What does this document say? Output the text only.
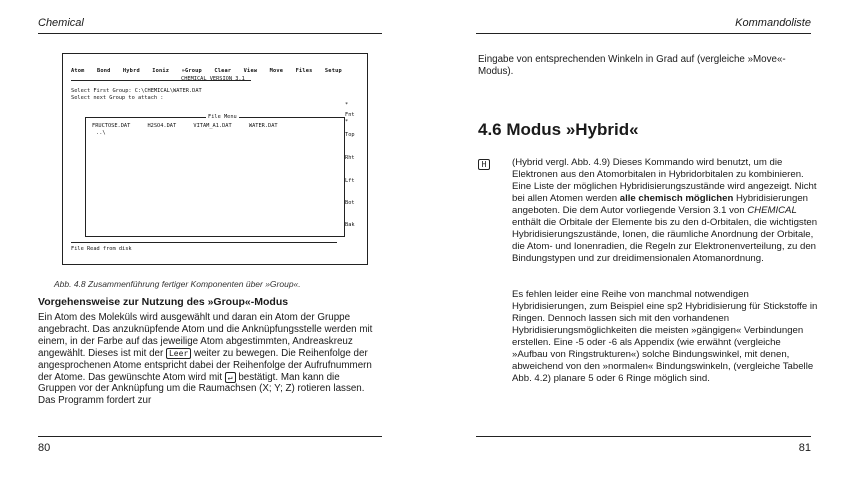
Chemical
Atom Bond Hybrd Ioniz »Group Clear View Move Files Setup
CHEMICAL VERSION 3.1
Select First Group: C:\CHEMICAL\WATER.DAT
Select next Group to attach :
File Menu
FRUCTOSE.DAT	H2SO4.DAT	VITAM_A1.DAT	WATER.DAT
..\
*
Fnt
*
Top
Rht
Lft
Bot
Bak
File Read from disk
Abb. 4.8 Zusammenführung fertiger Komponenten über »Group«.
Vorgehensweise zur Nutzung des »Group«-Modus
Ein Atom des Moleküls wird ausgewählt und daran ein Atom der Gruppe angebracht. Das anzuknüpfende Atom und die Anknüpfungsstelle werden mit einem, in der Farbe auf das jeweilige Atom abgestimmten, Andreaskreuz angewählt. Dieses ist mit der Leer weiter zu bewegen. Die Reihenfolge der angesprochenen Atome entspricht dabei der Reihenfolge der Aufrufnummern der Atome. Das gewünschte Atom wird mit ↵ bestätigt. Man kann die Gruppen vor der Anknüpfung um die Raumachsen (X; Y; Z) rotieren lassen. Das Programm fordert zur
80
Kommandoliste
Eingabe von entsprechenden Winkeln in Grad auf (vergleiche »Move«-Modus).
4.6 Modus »Hybrid«
H	(Hybrid vergl. Abb. 4.9) Dieses Kommando wird benutzt, um die Elektronen aus den Atomorbitalen in Hybridorbitalen zu kombinieren. Eine Liste der möglichen Hybridisierungszustände wird angezeigt. Nicht bei allen Atomen werden alle chemisch möglichen Hybridisierungen angeboten. Die dem Autor vorliegende Version 3.1 von CHEMICAL enthält die Orbitale der Elemente bis zu den d-Orbitalen, die wichtigsten Hybridisierungszustände, Ionen, die räumliche Anordnung der Orbitale, die Atom- und Ionenradien, die Regeln zur Elektronenverteilung, zu den Bindungstypen und zur dreidimensionalen Atomanordnung.
Es fehlen leider eine Reihe von manchmal notwendigen Hybridisierungen, zum Beispiel eine sp2 Hybridisierung für Stickstoffe in Ringen. Dennoch lassen sich mit den vorhandenen Hybridisierungsmöglichkeiten die meisten »gängigen« Verbindungen erstellen. Eine -5 oder -6 als Appendix (wie erwähnt (vergleiche »Aufbau von Ringstrukturen«) solche Bindungswinkel, mit denen, abweichend von den »normalen« Bindungswinkeln, (vergleiche Tabelle Abb. 4.2) planare 5 oder 6 Ringe möglich sind.
81
